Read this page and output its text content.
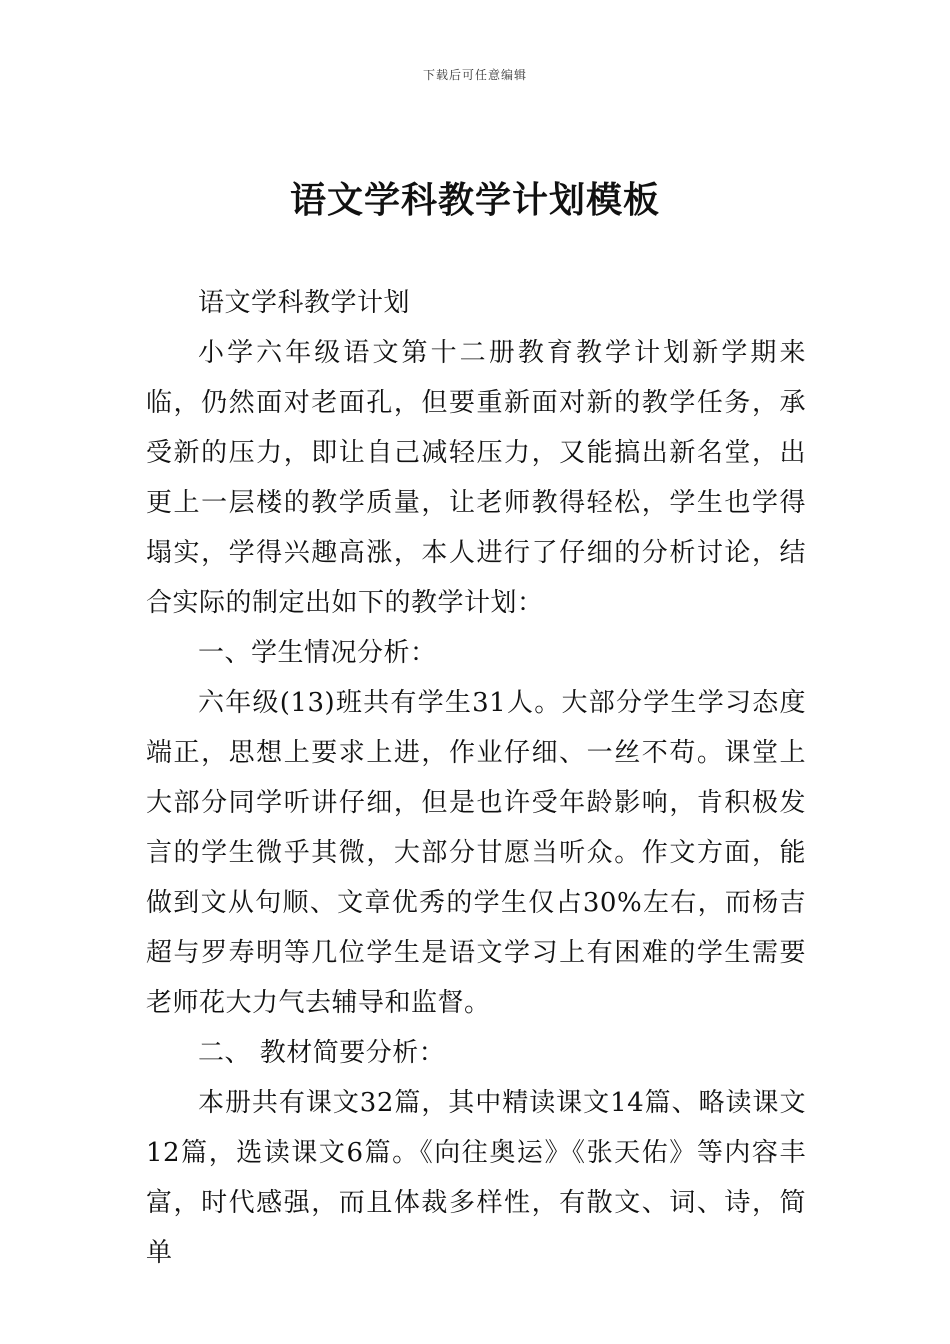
下载后可任意编辑
语文学科教学计划模板

语文学科教学计划

小学六年级语文第十二册教育教学计划新学期来临，仍然面对老面孔，但要重新面对新的教学任务，承受新的压力，即让自己减轻压力，又能搞出新名堂，出更上一层楼的教学质量，让老师教得轻松，学生也学得塌实，学得兴趣高涨，本人进行了仔细的分析讨论，结合实际的制定出如下的教学计划：

一、学生情况分析：

六年级(13)班共有学生31人。大部分学生学习态度端正，思想上要求上进，作业仔细、一丝不苟。课堂上大部分同学听讲仔细，但是也许受年龄影响，肯积极发言的学生微乎其微，大部分甘愿当听众。作文方面，能做到文从句顺、文章优秀的学生仅占30%左右，而杨吉超与罗寿明等几位学生是语文学习上有困难的学生需要老师花大力气去辅导和监督。

二、 教材简要分析：

本册共有课文32篇，其中精读课文14篇、略读课文12篇，选读课文6篇。《向往奥运》《张天佑》等内容丰富，时代感强，而且体裁多样性，有散文、词、诗，简单
